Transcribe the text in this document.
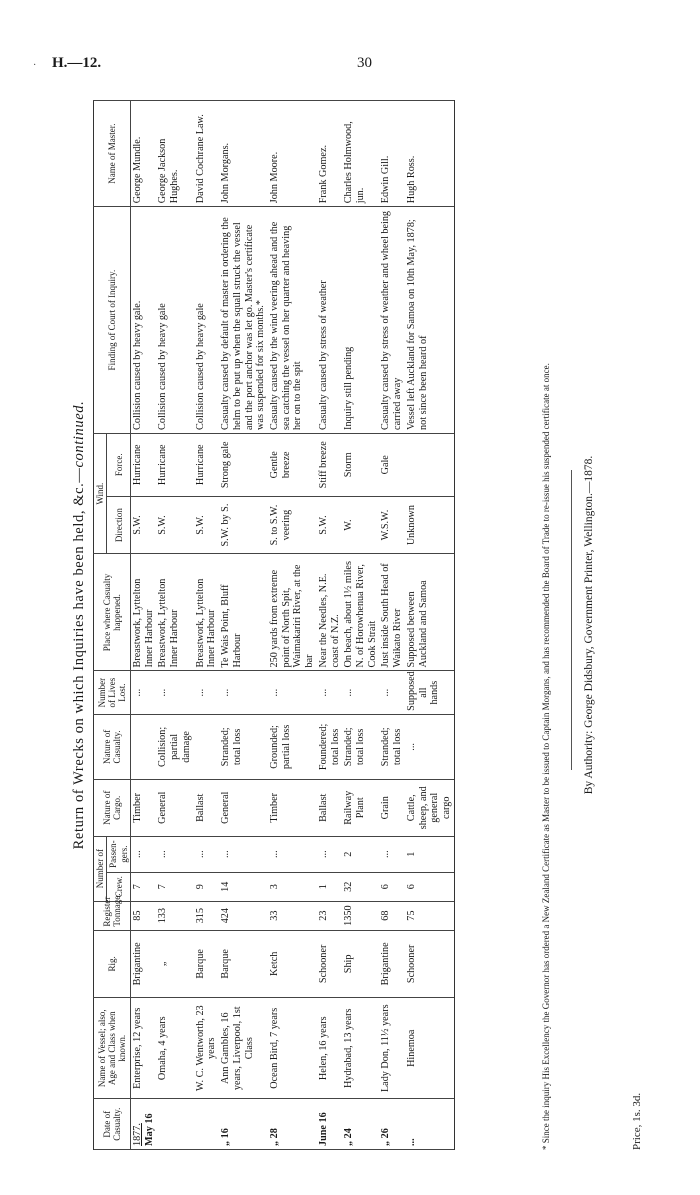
· H.—12.	30
Return of Wrecks on which Inquiries have been held, &c.—continued.
Date of Casualty.	Name of Vessel; also, Age and Class when known.	Rig.	Register Tonnage.	Number of		Nature of Cargo.	Nature of Casualty.	Number of Lives Lost.	Place where Casualty happened.	Wind.		Finding of Court of Inquiry.	Name of Master.
				Crew.	Passen-gers.					Direction	Force.		

1877. May 16	Enterprise, 12 years	Brigantine	85	7	...	Timber		...	Breastwork, Lyttelton Inner Harbour	S.W.	Hurricane	Collision caused by heavy gale.	George Mundle.
	Omaha, 4 years	„	133	7	...	General	Collision; partial damage	...	Breastwork, Lyttelton Inner Harbour	S.W.	Hurricane	Collision caused by heavy gale	George Jackson Hughes.
	W. C. Wentworth, 23 years	Barque	315	9	...	Ballast		...	Breastwork, Lyttelton Inner Harbour	S.W.	Hurricane	Collision caused by heavy gale	David Cochrane Law.
„ 16	Ann Gambles, 16 years, Liverpool, 1st Class	Barque	424	14	...	General	Stranded; total loss	...	Te Wais Point, Bluff Harbour	S.W. by S.	Strong gale	Casualty caused by default of master in ordering the helm to be put up when the squall struck the vessel and the port anchor was let go. Master's certificate was suspended for six months.*	John Morgans.
„ 28	Ocean Bird, 7 years	Ketch	33	3	...	Timber	Grounded; partial loss	...	250 yards from extreme point of North Spit, Waimakariri River, at the bar	S. to S.W. veering	Gentle breeze	Casualty caused by the wind veering ahead and the sea catching the vessel on her quarter and heaving her on to the spit	John Moore.
June 16	Helen, 16 years	Schooner	23	1	...	Ballast	Foundered; total loss	...	Near the Needles, N.E. coast of N.Z.	S.W.	Stiff breeze	Casualty caused by stress of weather	Frank Gomez.
„ 24	Hydrabad, 13 years	Ship	1350	32	2	Railway Plant	Stranded; total loss	...	On beach, about 1½ miles N. of Horowhenua River, Cook Strait	W.	Storm	Inquiry still pending	Charles Holmwood, jun.
„ 26	Lady Don, 11½ years	Brigantine	68	6	...	Grain	Stranded; total loss	...	Just inside South Head of Waikato River	W.S.W.	Gale	Casualty caused by stress of weather and wheel being carried away	Edwin Gill.
...	Hinemoa	Schooner	75	6	1	Cattle, sheep, and general cargo	...	Supposed all hands	Supposed between Auckland and Samoa	Unknown		Vessel left Auckland for Samoa on 10th May, 1878; not since been heard of	Hugh Ross.
* Since the inquiry His Excellency the Governor has ordered a New Zealand Certificate as Master to be issued to Captain Morgans, and has recommended the Board of Trade to re-issue his suspended certificate at once.	By Authority: George Didsbury, Government Printer, Wellington.—1878.
Price, 1s. 3d.
